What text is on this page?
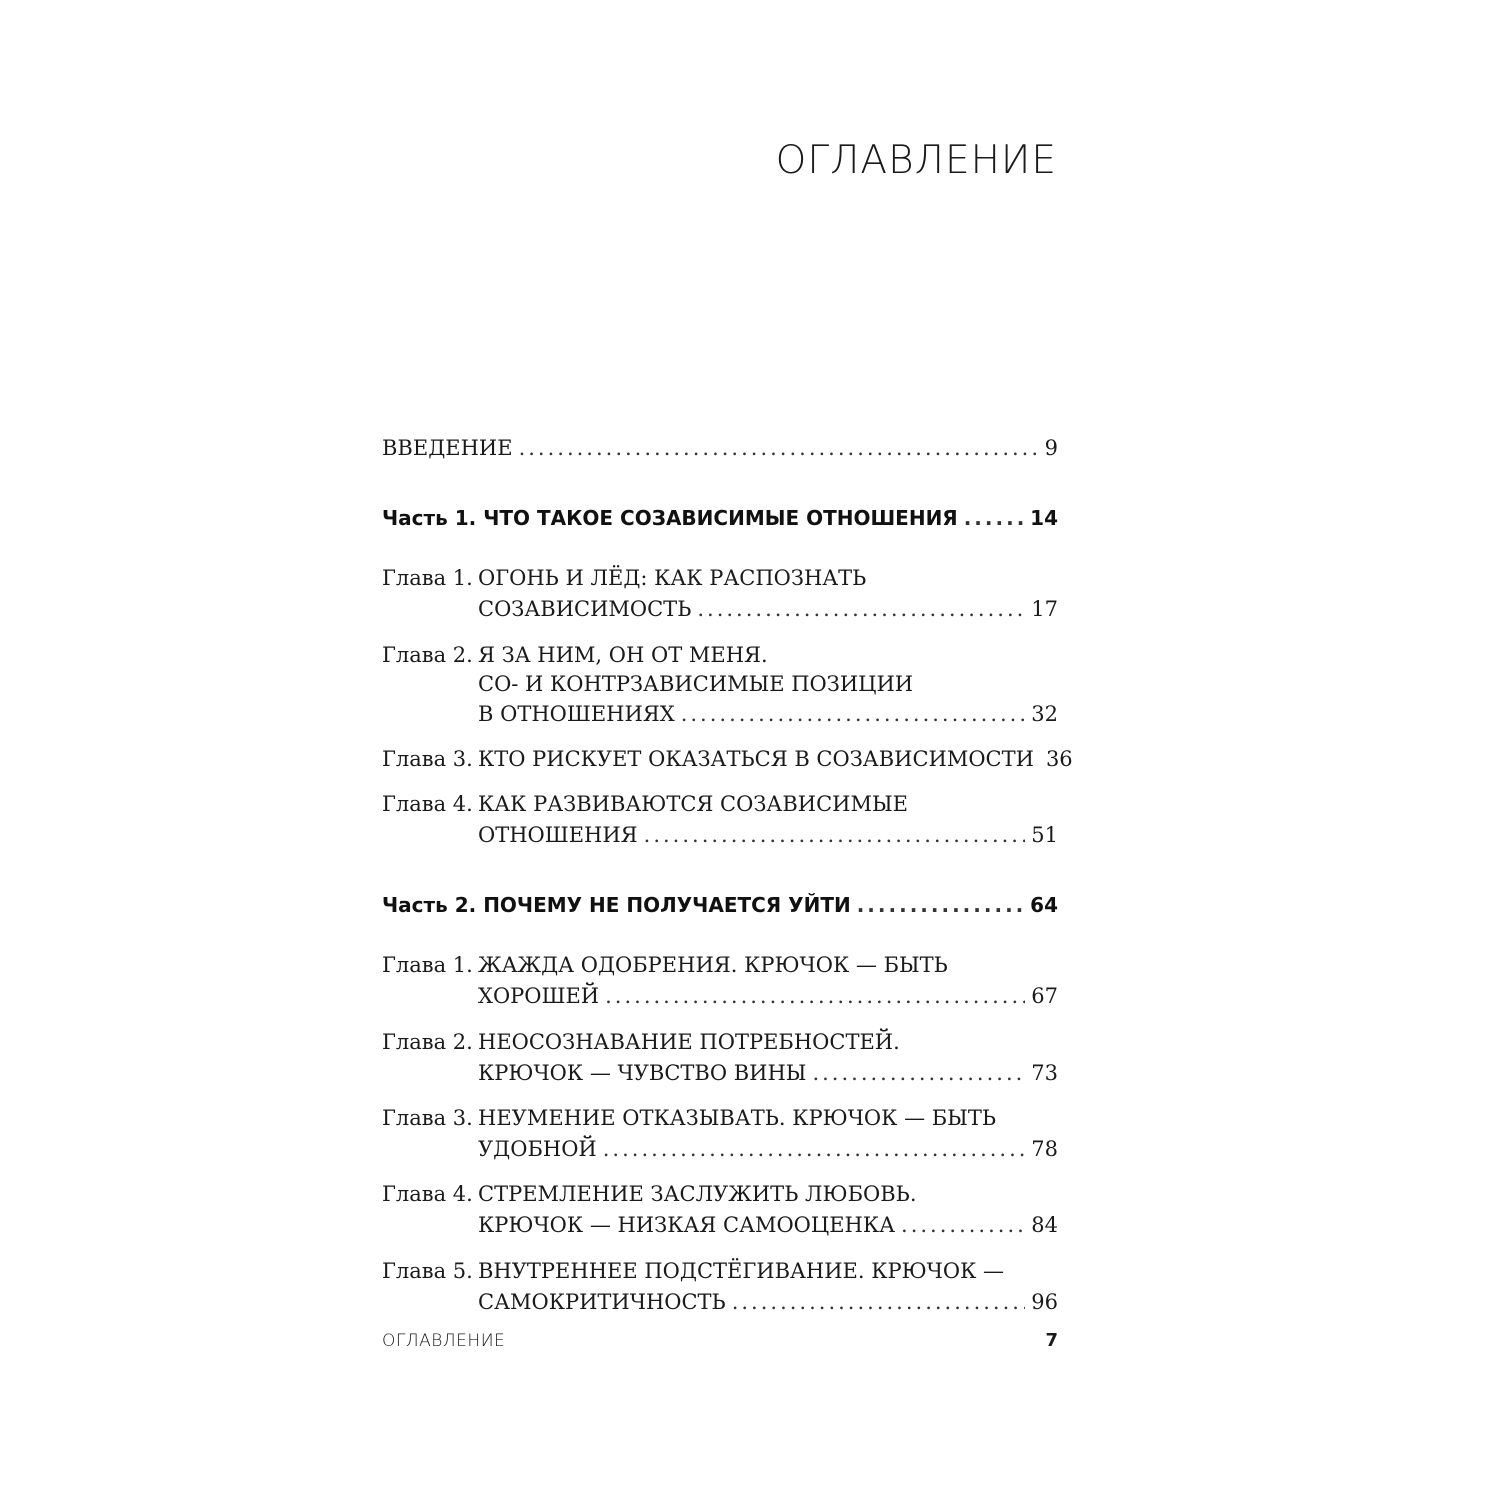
ОГЛАВЛЕНИЕ
ВВЕДЕНИЕ .....	9
Часть 1. ЧТО ТАКОЕ СОЗАВИСИМЫЕ ОТНОШЕНИЯ .....	14
Глава 1. ОГОНЬ И ЛЁД: КАК РАСПОЗНАТЬ
СОЗАВИСИМОСТЬ .....	17
Глава 2. Я ЗА НИМ, ОН ОТ МЕНЯ.
СО- И КОНТРЗАВИСИМЫЕ ПОЗИЦИИ
В ОТНОШЕНИЯХ .....	32
Глава 3. КТО РИСКУЕТ ОКАЗАТЬСЯ В СОЗАВИСИМОСТИ 36
Глава 4. КАК РАЗВИВАЮТСЯ СОЗАВИСИМЫЕ
ОТНОШЕНИЯ .....	51
Часть 2. ПОЧЕМУ НЕ ПОЛУЧАЕТСЯ УЙТИ .....	64
Глава 1. ЖАЖДА ОДОБРЕНИЯ. КРЮЧОК — БЫТЬ
ХОРОШЕЙ .....	67
Глава 2. НЕОСОЗНАВАНИЕ ПОТРЕБНОСТЕЙ.
КРЮЧОК — ЧУВСТВО ВИНЫ .....	73
Глава 3. НЕУМЕНИЕ ОТКАЗЫВАТЬ. КРЮЧОК — БЫТЬ
УДОБНОЙ .....	78
Глава 4. СТРЕМЛЕНИЕ ЗАСЛУЖИТЬ ЛЮБОВЬ.
КРЮЧОК — НИЗКАЯ САМООЦЕНКА .....	84
Глава 5. ВНУТРЕННЕЕ ПОДСТЁГИВАНИЕ. КРЮЧОК —
САМОКРИТИЧНОСТЬ .....	96
ОГЛАВЛЕНИЕ	7
